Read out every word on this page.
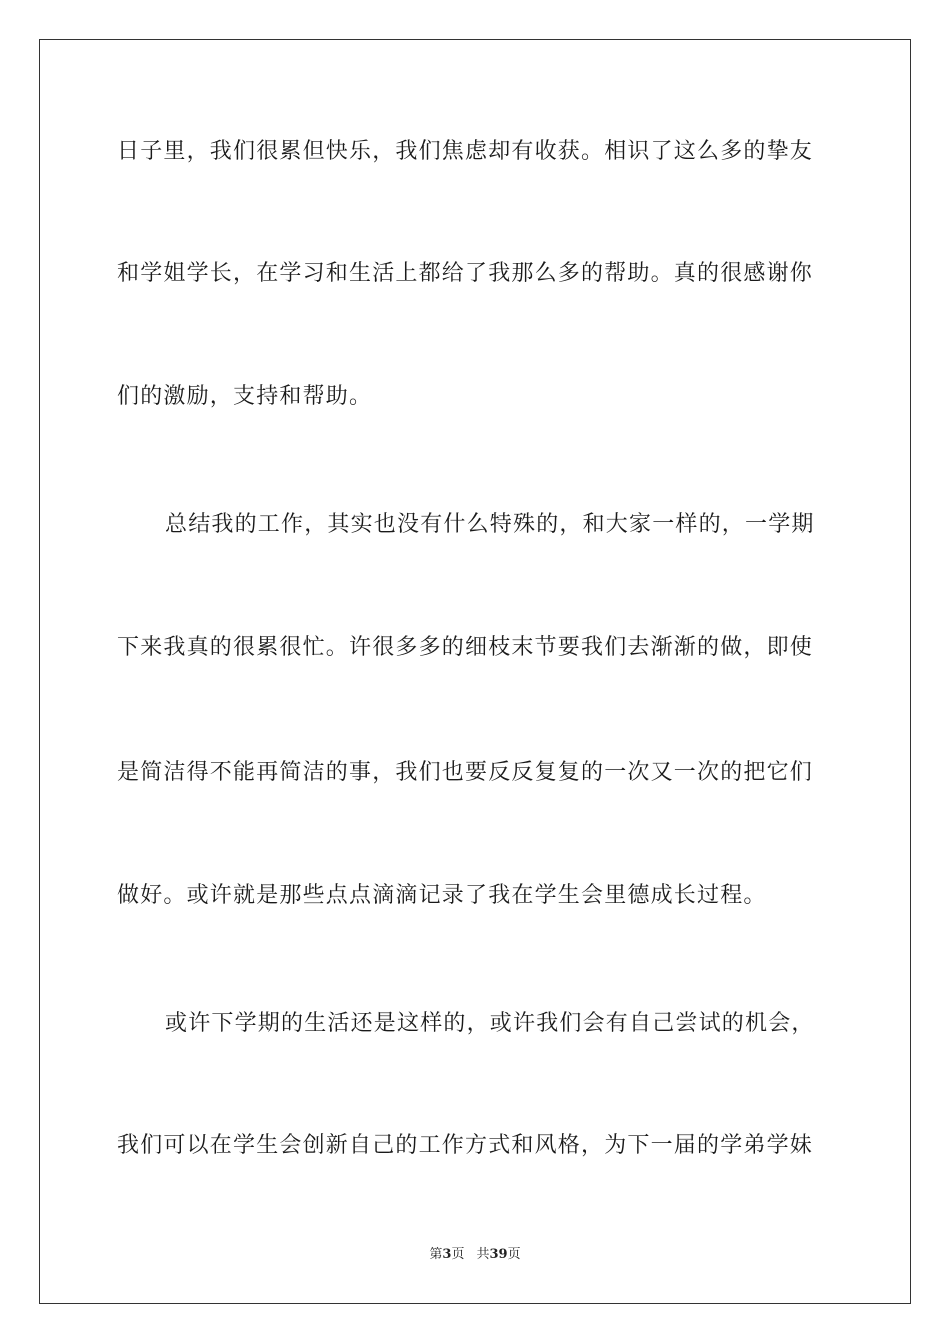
日子里，我们很累但快乐，我们焦虑却有收获。相识了这么多的挚友
和学姐学长，在学习和生活上都给了我那么多的帮助。真的很感谢你
们的激励，支持和帮助。
总结我的工作，其实也没有什么特殊的，和大家一样的，一学期
下来我真的很累很忙。许很多多的细枝末节要我们去渐渐的做，即使
是简洁得不能再简洁的事，我们也要反反复复的一次又一次的把它们
做好。或许就是那些点点滴滴记录了我在学生会里德成长过程。
或许下学期的生活还是这样的，或许我们会有自己尝试的机会，
我们可以在学生会创新自己的工作方式和风格，为下一届的学弟学妹
第3页 共39页
